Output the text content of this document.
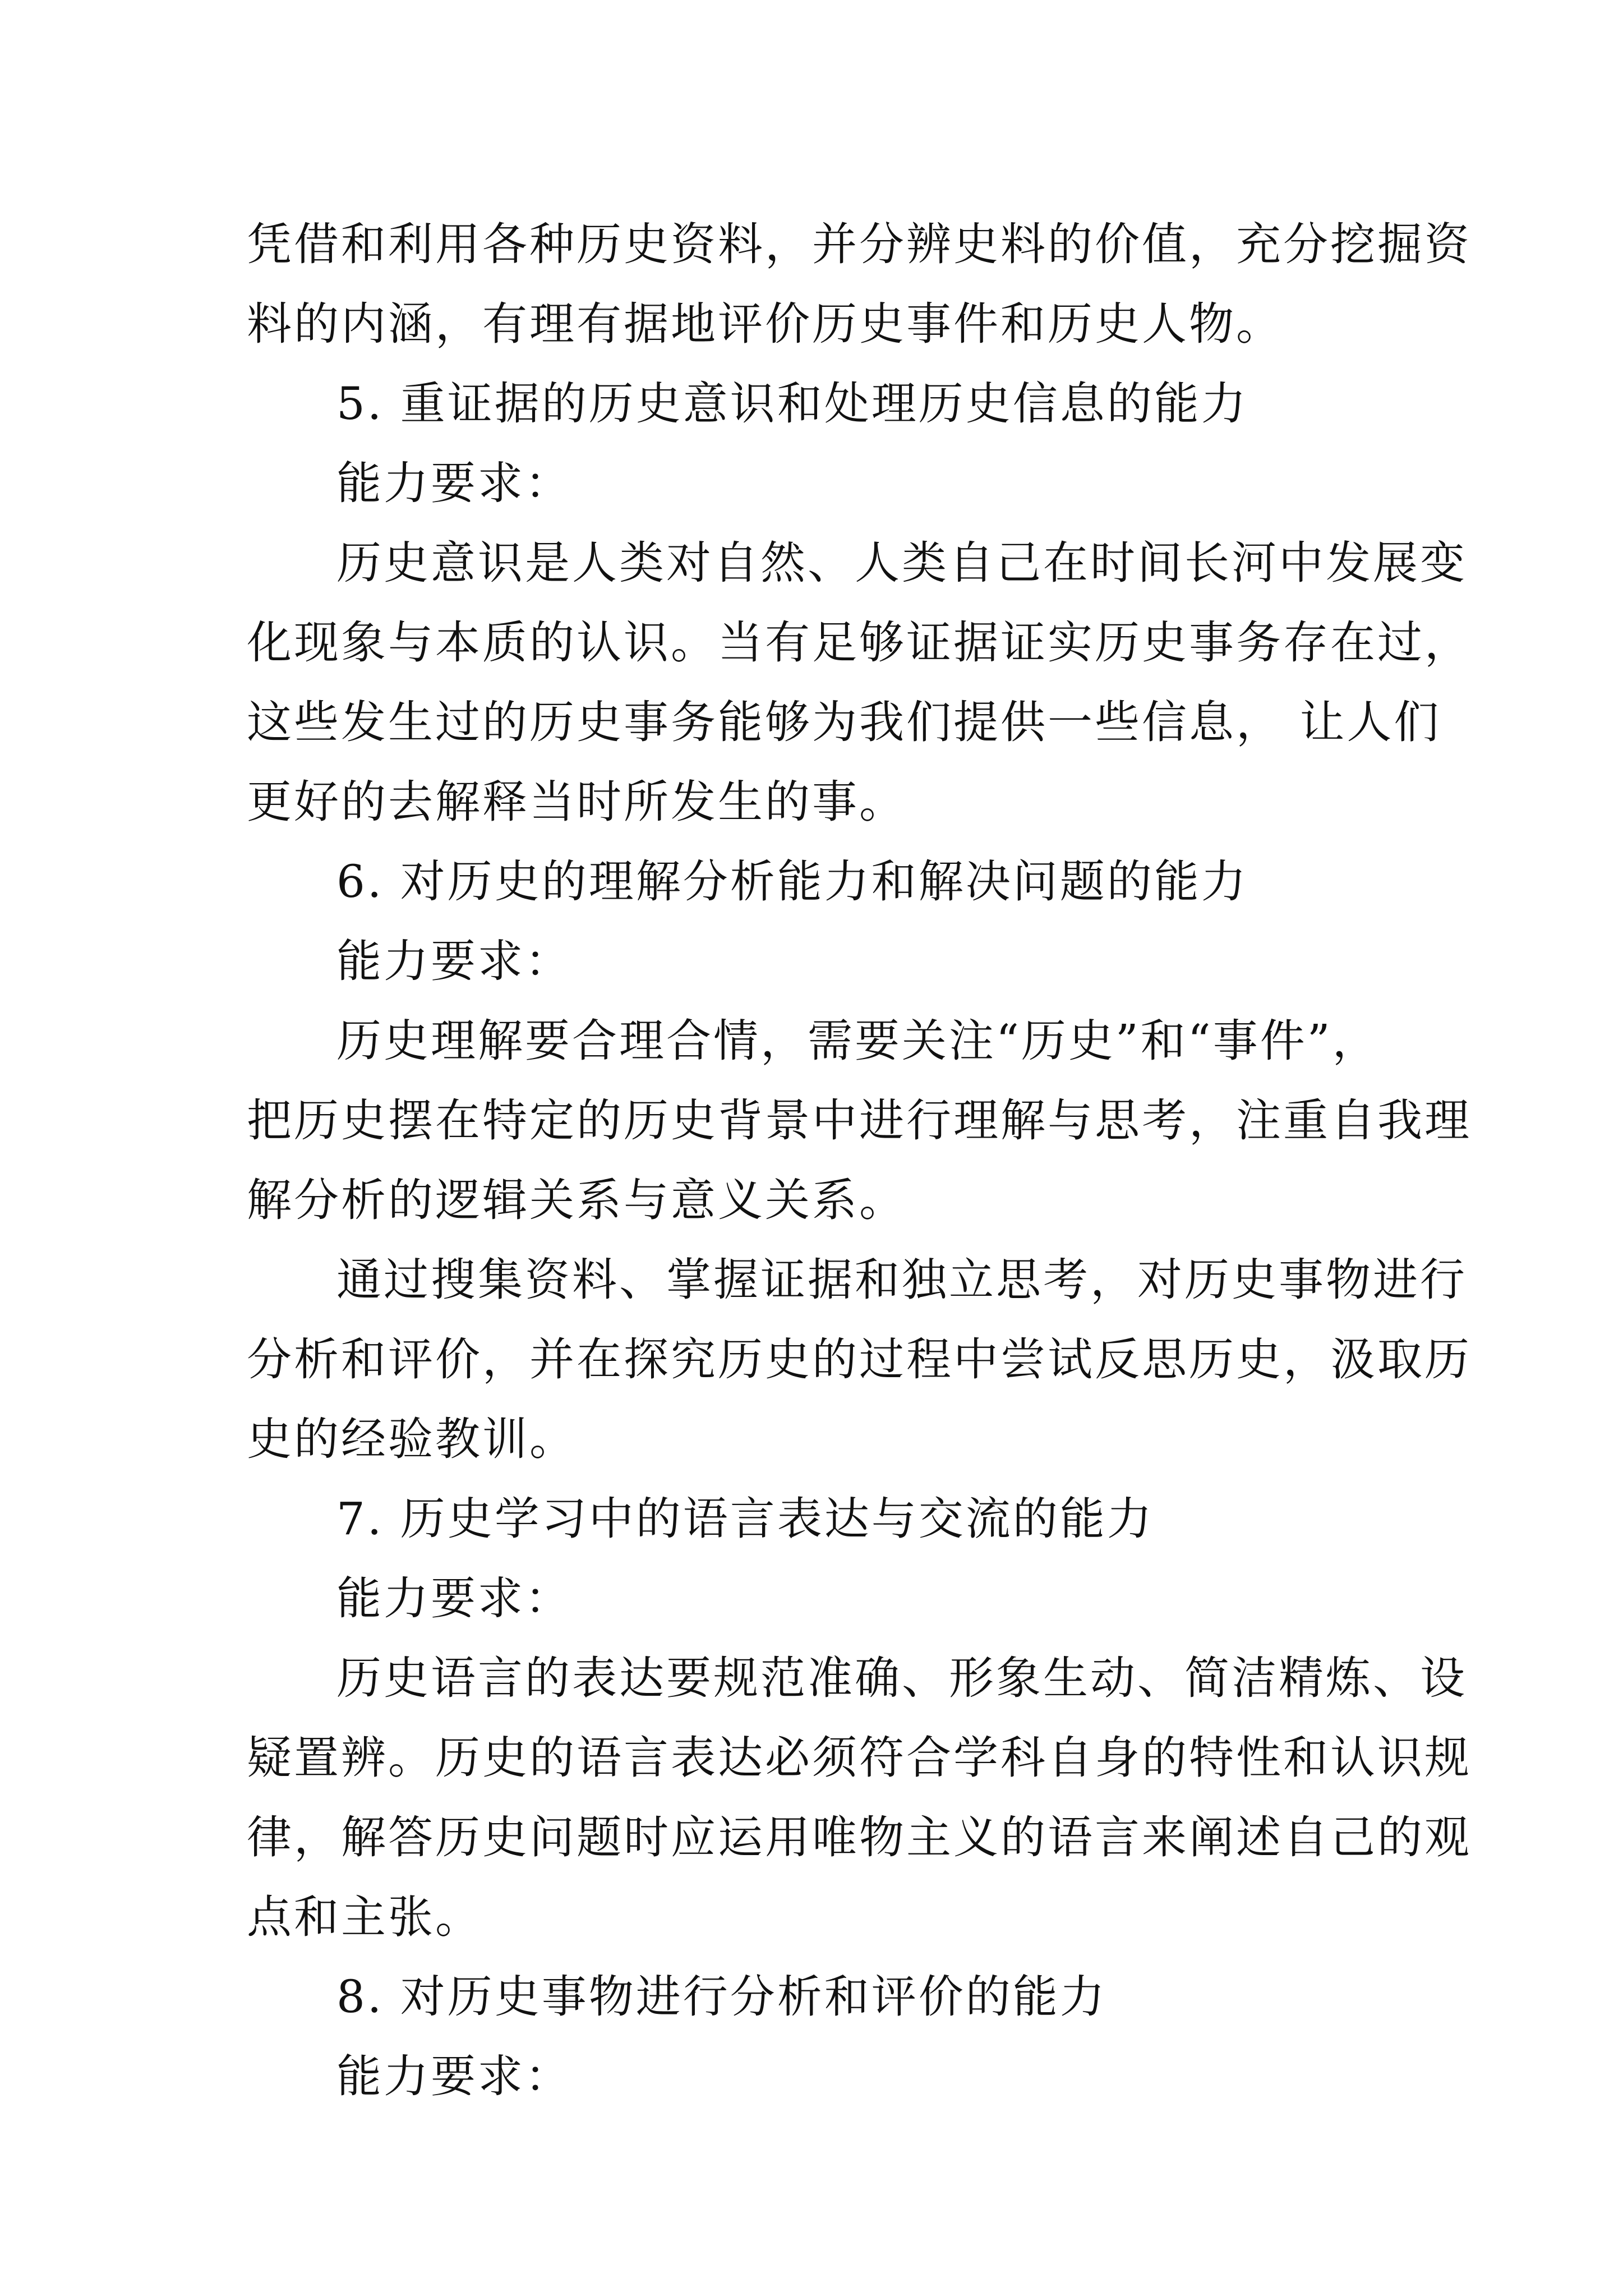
凭借和利用各种历史资料，并分辨史料的价值，充分挖掘资
料的内涵，有理有据地评价历史事件和历史人物。

5. 重证据的历史意识和处理历史信息的能力

能力要求：

历史意识是人类对自然、人类自己在时间长河中发展变
化现象与本质的认识。当有足够证据证实历史事务存在过，
这些发生过的历史事务能够为我们提供一些信息， 让人们
更好的去解释当时所发生的事。

6. 对历史的理解分析能力和解决问题的能力

能力要求：

历史理解要合理合情，需要关注“历史”和“事件”，
把历史摆在特定的历史背景中进行理解与思考，注重自我理
解分析的逻辑关系与意义关系。

通过搜集资料、掌握证据和独立思考，对历史事物进行
分析和评价，并在探究历史的过程中尝试反思历史，汲取历
史的经验教训。

7. 历史学习中的语言表达与交流的能力

能力要求：

历史语言的表达要规范准确、形象生动、简洁精炼、设
疑置辨。历史的语言表达必须符合学科自身的特性和认识规
律，解答历史问题时应运用唯物主义的语言来阐述自己的观
点和主张。

8. 对历史事物进行分析和评价的能力

能力要求：
